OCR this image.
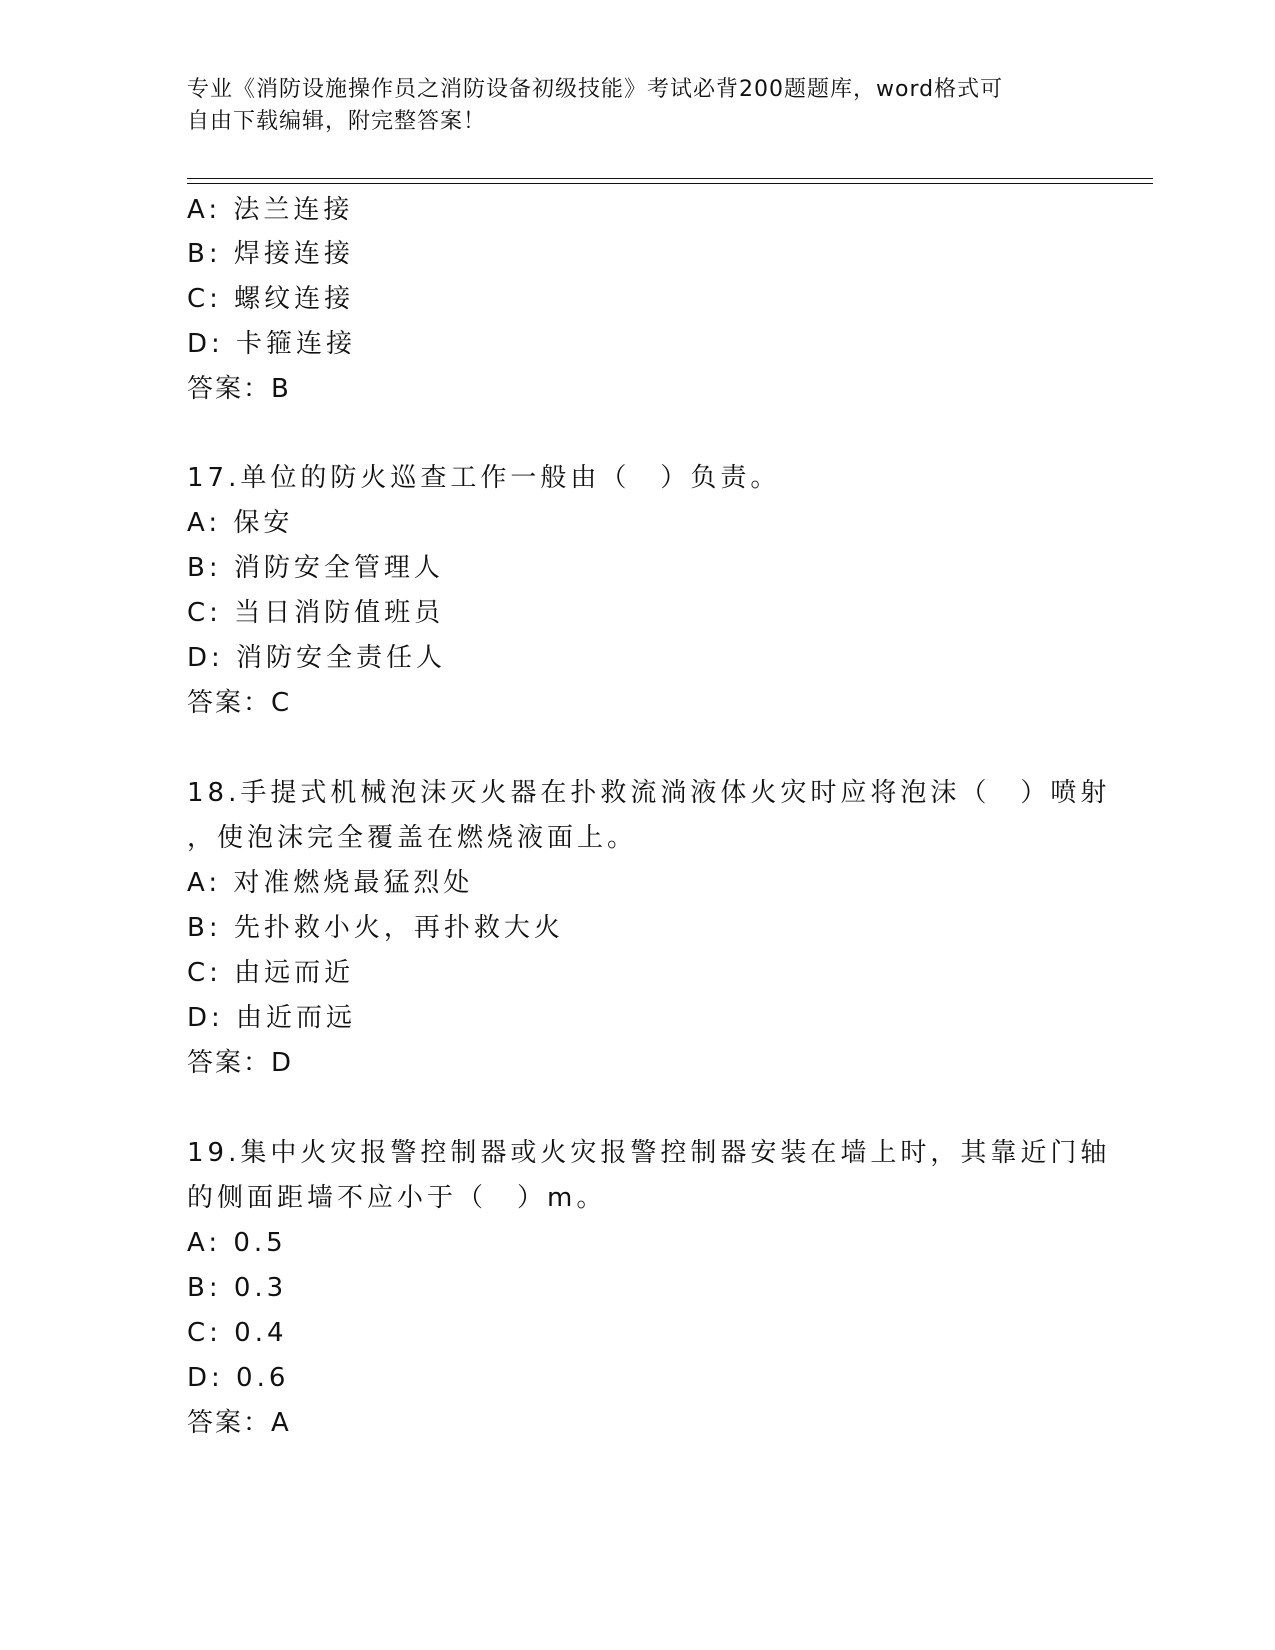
专业《消防设施操作员之消防设备初级技能》考试必背200题题库，word格式可
自由下载编辑，附完整答案！
A: 法兰连接
B: 焊接连接
C: 螺纹连接
D: 卡箍连接
答案：B
17.单位的防火巡查工作一般由（　）负责。
A: 保安
B: 消防安全管理人
C: 当日消防值班员
D: 消防安全责任人
答案：C
18.手提式机械泡沫灭火器在扑救流淌液体火灾时应将泡沫（　）喷射
，使泡沫完全覆盖在燃烧液面上。
A: 对准燃烧最猛烈处
B: 先扑救小火，再扑救大火
C: 由远而近
D: 由近而远
答案：D
19.集中火灾报警控制器或火灾报警控制器安装在墙上时，其靠近门轴
的侧面距墙不应小于（　）m。
A: 0.5
B: 0.3
C: 0.4
D: 0.6
答案：A
